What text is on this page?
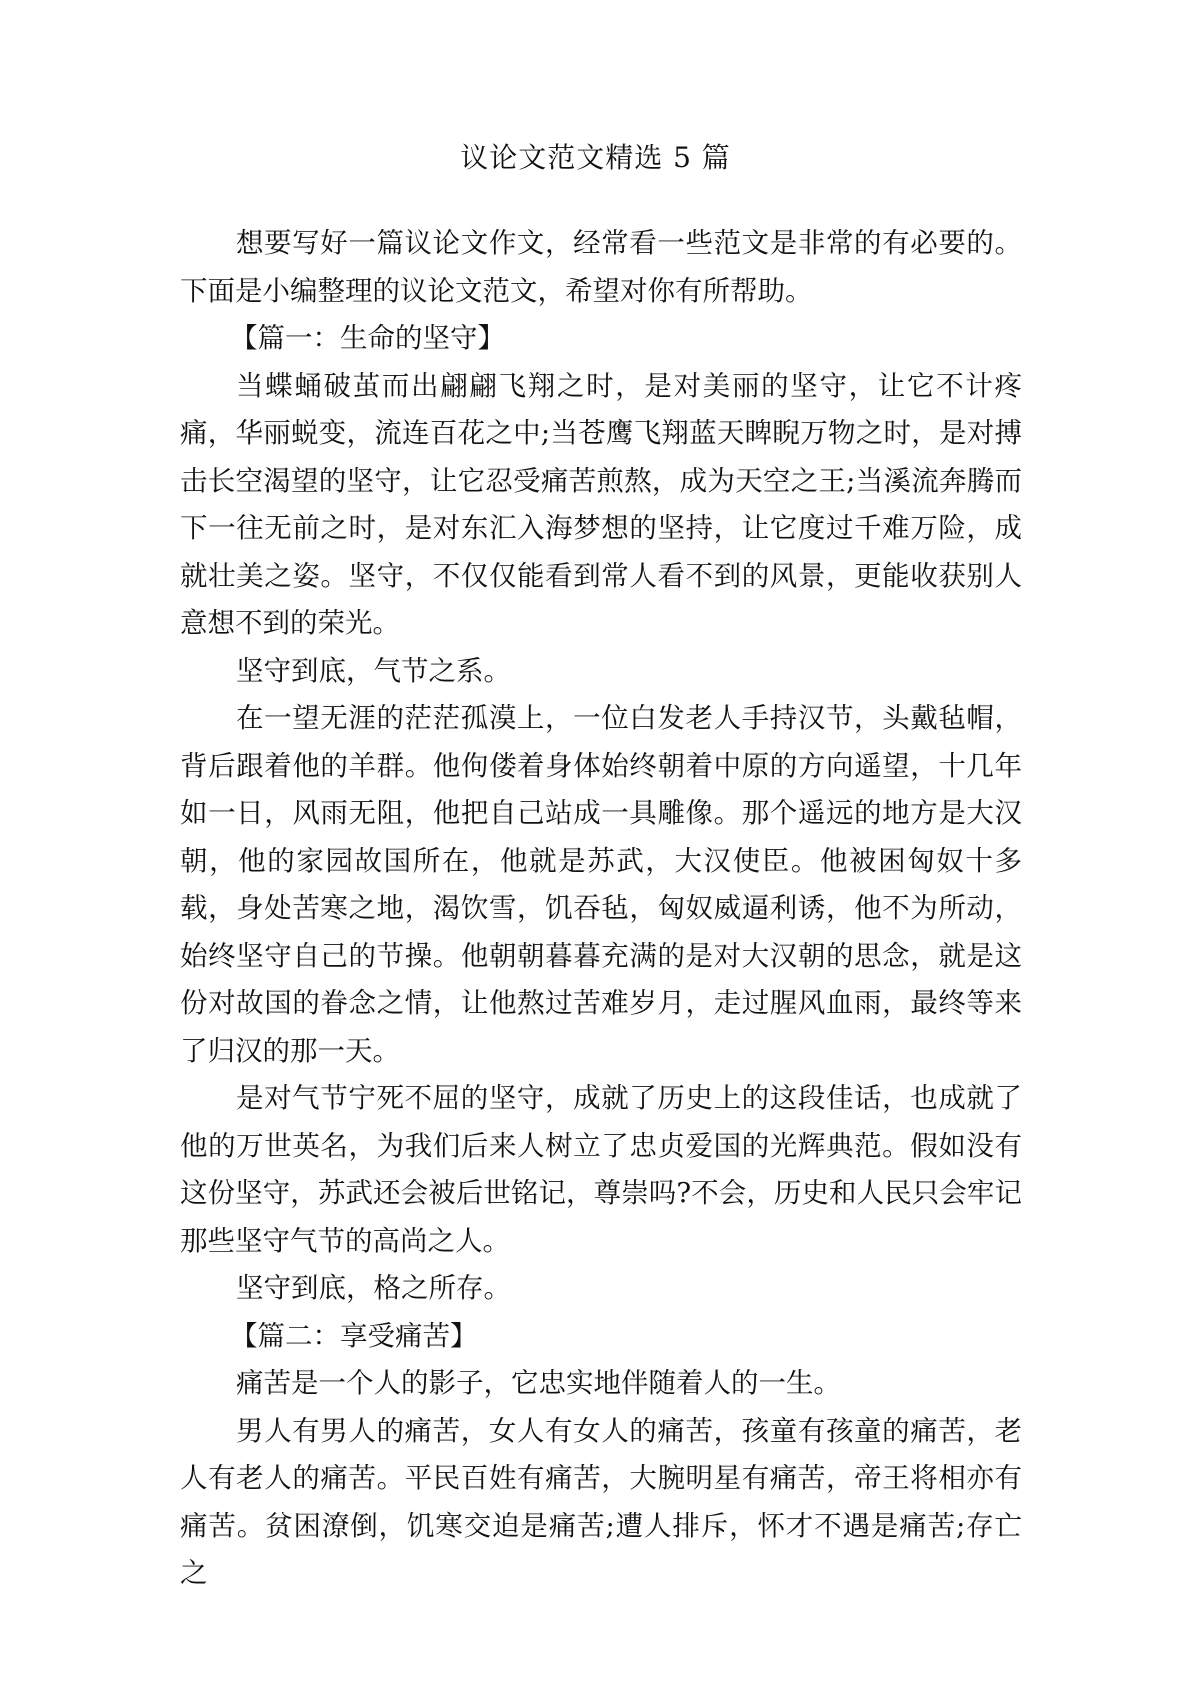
议论文范文精选 5 篇

想要写好一篇议论文作文，经常看一些范文是非常的有必要的。下面是小编整理的议论文范文，希望对你有所帮助。

【篇一：生命的坚守】

当蝶蛹破茧而出翩翩飞翔之时，是对美丽的坚守，让它不计疼痛，华丽蜕变，流连百花之中;当苍鹰飞翔蓝天睥睨万物之时，是对搏击长空渴望的坚守，让它忍受痛苦煎熬，成为天空之王;当溪流奔腾而下一往无前之时，是对东汇入海梦想的坚持，让它度过千难万险，成就壮美之姿。坚守，不仅仅能看到常人看不到的风景，更能收获别人意想不到的荣光。

坚守到底，气节之系。

在一望无涯的茫茫孤漠上，一位白发老人手持汉节，头戴毡帽，背后跟着他的羊群。他佝偻着身体始终朝着中原的方向遥望，十几年如一日，风雨无阻，他把自己站成一具雕像。那个遥远的地方是大汉朝，他的家园故国所在，他就是苏武，大汉使臣。他被困匈奴十多载，身处苦寒之地，渴饮雪，饥吞毡，匈奴威逼利诱，他不为所动，始终坚守自己的节操。他朝朝暮暮充满的是对大汉朝的思念，就是这份对故国的眷念之情，让他熬过苦难岁月，走过腥风血雨，最终等来了归汉的那一天。

是对气节宁死不屈的坚守，成就了历史上的这段佳话，也成就了他的万世英名，为我们后来人树立了忠贞爱国的光辉典范。假如没有这份坚守，苏武还会被后世铭记，尊崇吗?不会，历史和人民只会牢记那些坚守气节的高尚之人。

坚守到底，格之所存。

【篇二：享受痛苦】

痛苦是一个人的影子，它忠实地伴随着人的一生。

男人有男人的痛苦，女人有女人的痛苦，孩童有孩童的痛苦，老人有老人的痛苦。平民百姓有痛苦，大腕明星有痛苦，帝王将相亦有痛苦。贫困潦倒，饥寒交迫是痛苦;遭人排斥，怀才不遇是痛苦;存亡之
